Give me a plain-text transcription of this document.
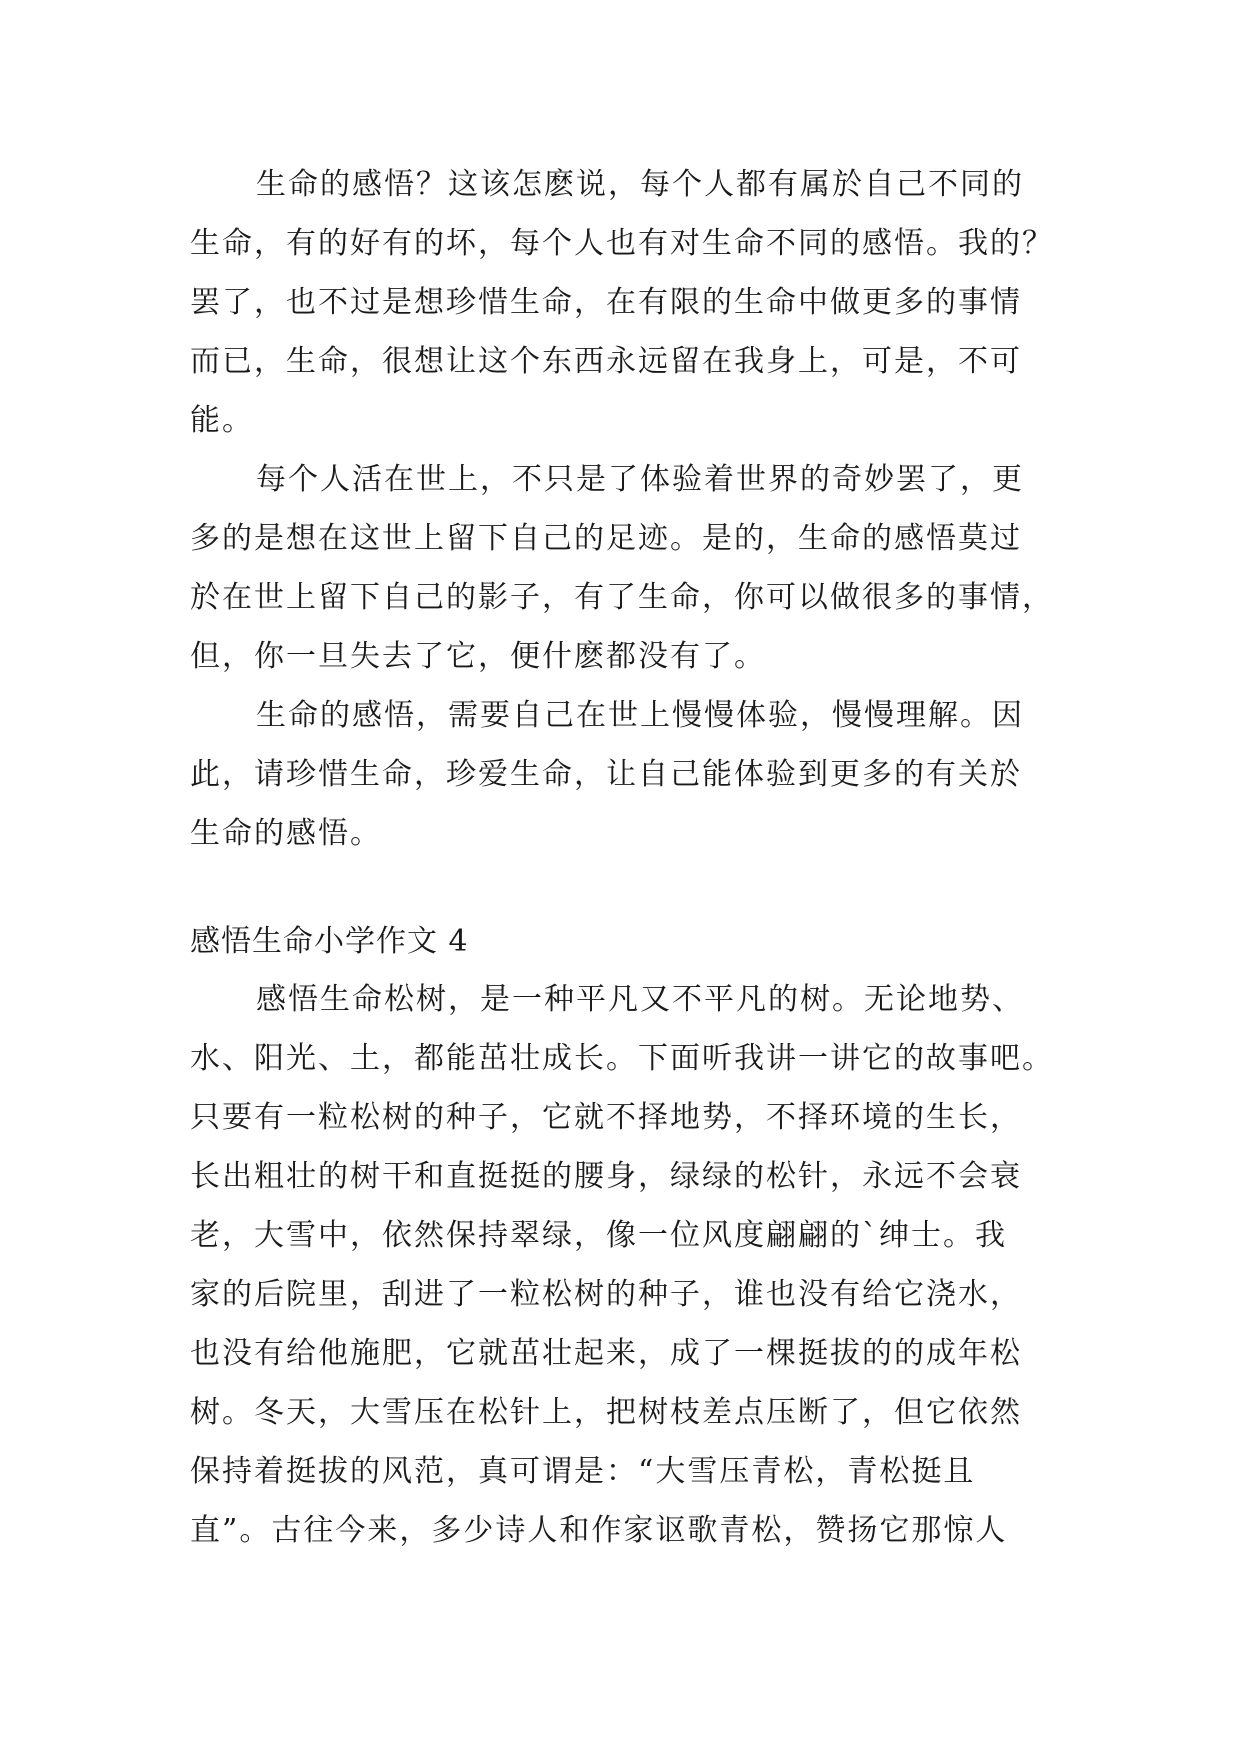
生命的感悟？这该怎麽说，每个人都有属於自己不同的
生命，有的好有的坏，每个人也有对生命不同的感悟。我的？
罢了，也不过是想珍惜生命，在有限的生命中做更多的事情
而已，生命，很想让这个东西永远留在我身上，可是，不可
能。
每个人活在世上，不只是了体验着世界的奇妙罢了，更
多的是想在这世上留下自己的足迹。是的，生命的感悟莫过
於在世上留下自己的影子，有了生命，你可以做很多的事情，
但，你一旦失去了它，便什麽都没有了。
生命的感悟，需要自己在世上慢慢体验，慢慢理解。因
此，请珍惜生命，珍爱生命，让自己能体验到更多的有关於
生命的感悟。
感悟生命小学作文 4
感悟生命松树，是一种平凡又不平凡的树。无论地势、
水、阳光、土，都能茁壮成长。下面听我讲一讲它的故事吧。
只要有一粒松树的种子，它就不择地势，不择环境的生长，
长出粗壮的树干和直挺挺的腰身，绿绿的松针，永远不会衰
老，大雪中，依然保持翠绿，像一位风度翩翩的`绅士。我
家的后院里，刮进了一粒松树的种子，谁也没有给它浇水，
也没有给他施肥，它就茁壮起来，成了一棵挺拔的的成年松
树。冬天，大雪压在松针上，把树枝差点压断了，但它依然
保持着挺拔的风范，真可谓是：“大雪压青松，青松挺且
直”。古往今来，多少诗人和作家讴歌青松，赞扬它那惊人
